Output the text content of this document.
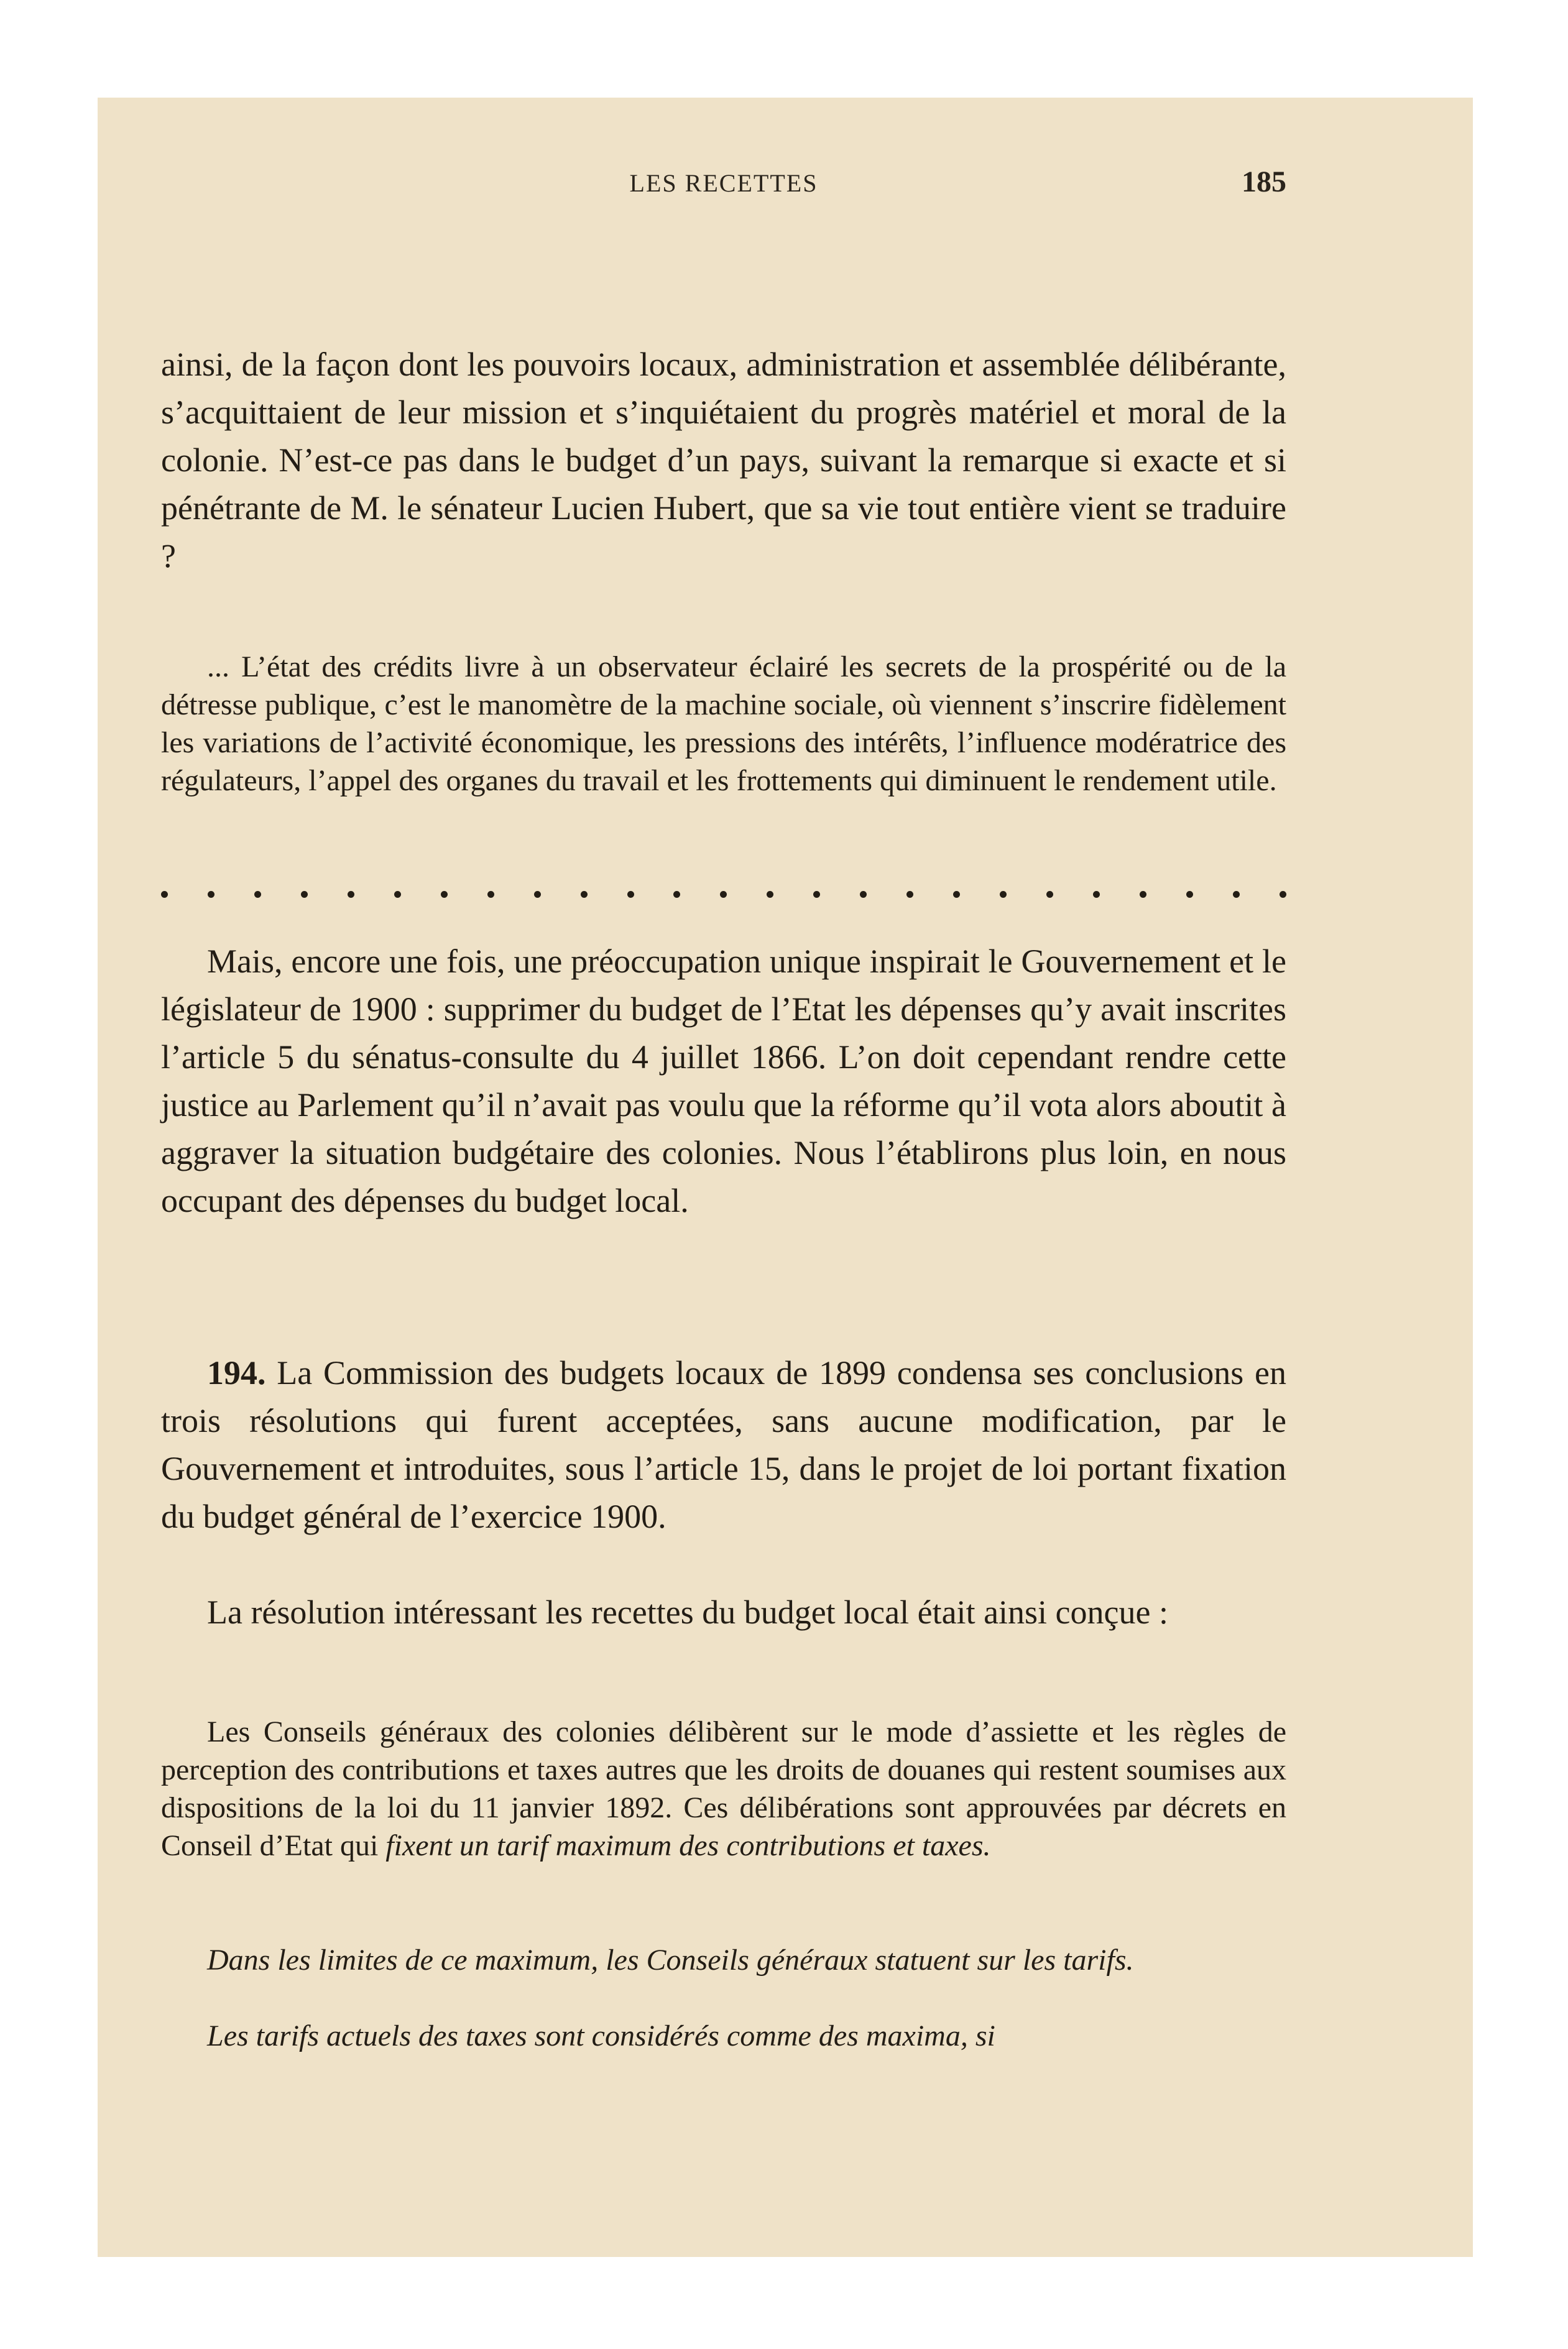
LES RECETTES	185

ainsi, de la façon dont les pouvoirs locaux, administration et assemblée délibérante, s’acquittaient de leur mission et s’inquiétaient du progrès matériel et moral de la colonie. N’est-ce pas dans le budget d’un pays, suivant la remarque si exacte et si pénétrante de M. le sénateur Lucien Hubert, que sa vie tout entière vient se traduire ?

... L’état des crédits livre à un observateur éclairé les secrets de la prospérité ou de la détresse publique, c’est le manomètre de la machine sociale, où viennent s’inscrire fidèlement les variations de l’activité économique, les pressions des intérêts, l’influence modératrice des régulateurs, l’appel des organes du travail et les frottements qui diminuent le rendement utile.

Mais, encore une fois, une préoccupation unique inspirait le Gouvernement et le législateur de 1900 : supprimer du budget de l’Etat les dépenses qu’y avait inscrites l’article 5 du sénatus-consulte du 4 juillet 1866. L’on doit cependant rendre cette justice au Parlement qu’il n’avait pas voulu que la réforme qu’il vota alors aboutit à aggraver la situation budgétaire des colonies. Nous l’établirons plus loin, en nous occupant des dépenses du budget local.

194. La Commission des budgets locaux de 1899 condensa ses conclusions en trois résolutions qui furent acceptées, sans aucune modification, par le Gouvernement et introduites, sous l’article 15, dans le projet de loi portant fixation du budget général de l’exercice 1900.

La résolution intéressant les recettes du budget local était ainsi conçue :

Les Conseils généraux des colonies délibèrent sur le mode d’assiette et les règles de perception des contributions et taxes autres que les droits de douanes qui restent soumises aux dispositions de la loi du 11 janvier 1892. Ces délibérations sont approuvées par décrets en Conseil d’Etat qui fixent un tarif maximum des contributions et taxes.

Dans les limites de ce maximum, les Conseils généraux statuent sur les tarifs.

Les tarifs actuels des taxes sont considérés comme des maxima, si
